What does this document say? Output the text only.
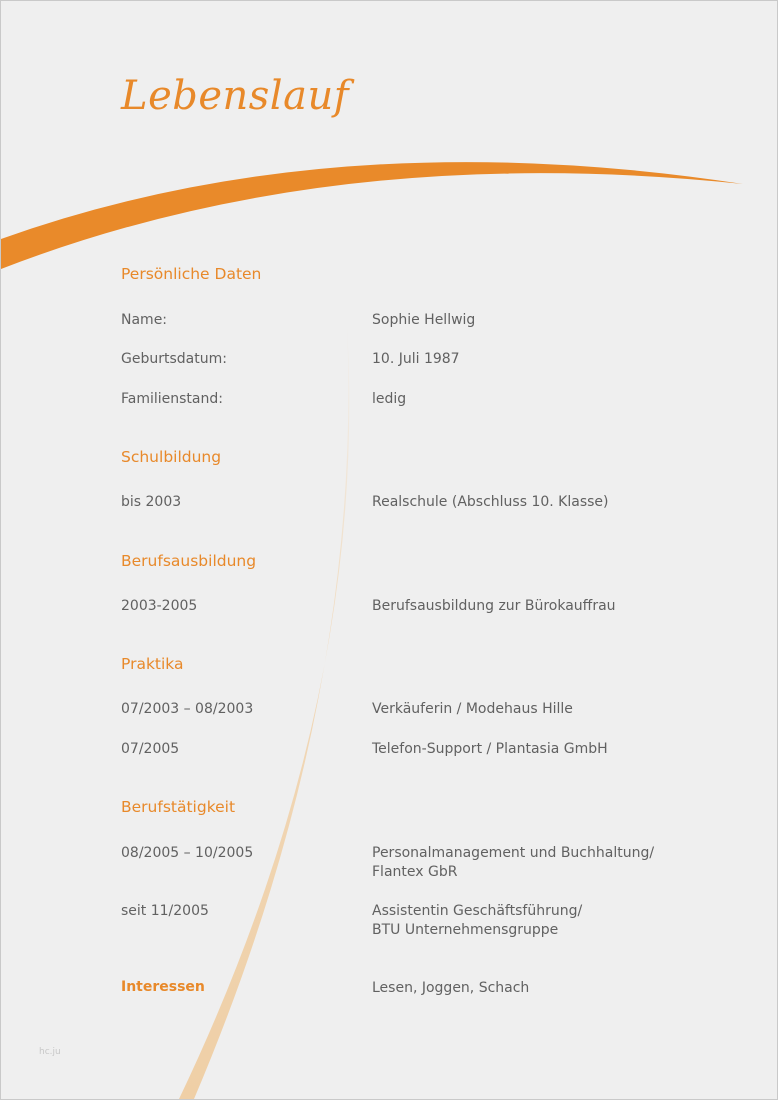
Lebenslauf
Persönliche Daten
Name:	Sophie Hellwig
Geburtsdatum:	10. Juli 1987
Familienstand:	ledig
Schulbildung
bis 2003	Realschule (Abschluss 10. Klasse)
Berufsausbildung
2003-2005	Berufsausbildung zur Bürokauffrau
Praktika
07/2003 – 08/2003	Verkäuferin / Modehaus Hille
07/2005	Telefon-Support / Plantasia GmbH
Berufstätigkeit
08/2005 – 10/2005	Personalmanagement und Buchhaltung/
Flantex GbR
seit 11/2005	Assistentin Geschäftsführung/
BTU Unternehmensgruppe
Interessen	Lesen, Joggen, Schach
hc.ju
